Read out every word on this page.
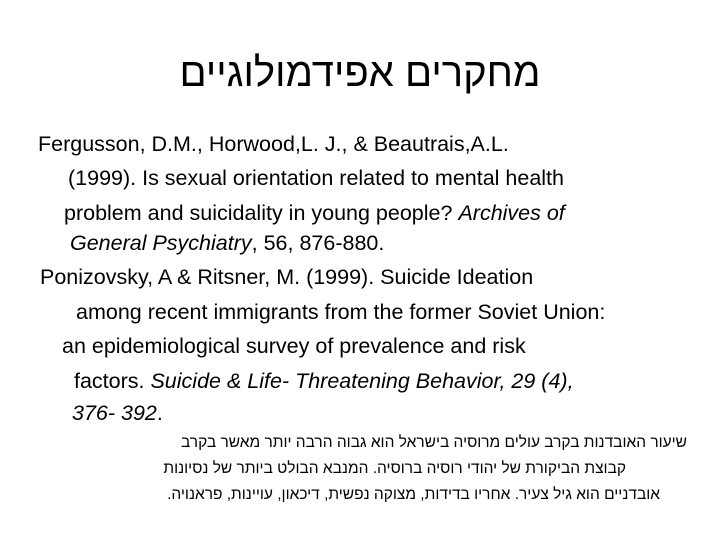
מחקרים אפידמולוגיים
Fergusson, D.M., Horwood,L. J., & Beautrais,A.L.
(1999). Is sexual orientation related to mental health
problem and suicidality in young people? Archives of
General Psychiatry, 56, 876-880.
Ponizovsky, A & Ritsner, M. (1999). Suicide Ideation
among recent immigrants from the former Soviet Union:
an epidemiological survey of prevalence and risk
factors. Suicide & Life- Threatening Behavior, 29 (4),
376- 392.
שיעור האובדנות בקרב עולים מרוסיה בישראל הוא גבוה הרבה יותר מאשר בקרב
קבוצת הביקורת של יהודי רוסיה ברוסיה. המנבא הבולט ביותר של נסיונות
אובדניים הוא גיל צעיר. אחריו בדידות, מצוקה נפשית, דיכאון, עויינות, פראנויה.
